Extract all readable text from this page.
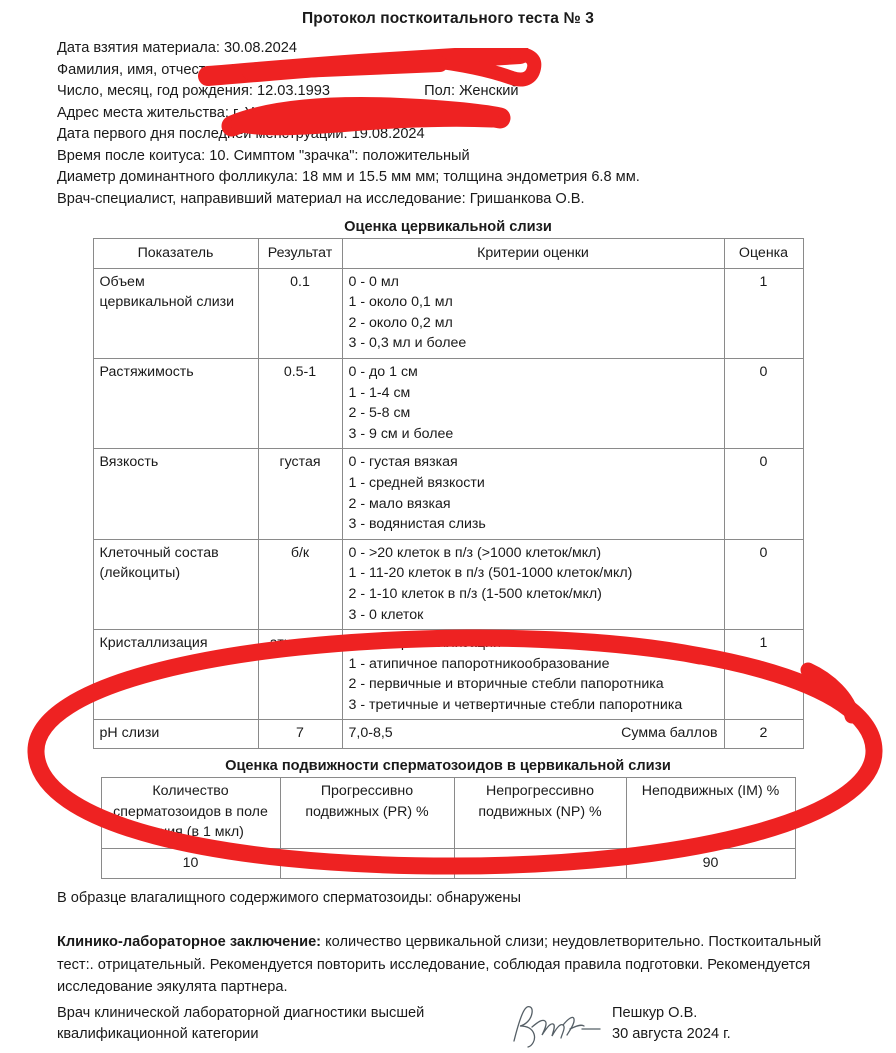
Протокол посткоитального теста № 3
Дата взятия материала: 30.08.2024
Фамилия, имя, отчество: Яку
Число, месяц, год рождения: 12.03.1993	Пол: Женский
Адрес места жительства: г. Ул
Дата первого дня последней менструации: 19.08.2024
Время после коитуса: 10. Симптом "зрачка": положительный
Диаметр доминантного фолликула: 18 мм и 15.5 мм мм; толщина эндометрия 6.8 мм.
Врач-специалист, направивший материал на исследование: Гришанкова О.В.
Оценка цервикальной слизи
Показатель	Результат	Критерии оценки	Оценка

Объем
цервикальной слизи	0.1	0 - 0 мл
1 - около 0,1 мл
2 - около 0,2 мл
3 - 0,3 мл и более	1
Растяжимость	0.5-1	0 - до 1 см
1 - 1-4 см
2 - 5-8 см
3 - 9 см и более	0
Вязкость	густая	0 - густая вязкая
1 - средней вязкости
2 - мало вязкая
3 - водянистая слизь	0

Клеточный состав
(лейкоциты)	б/к	0 - >20 клеток в п/з (>1000 клеток/мкл)
1 - 11-20 клеток в п/з (501-1000 клеток/мкл)
2 - 1-10 клеток в п/з (1-500 клеток/мкл)
3 - 0 клеток	0
Кристаллизация	атипично	0 - нет кристаллизации
1 - атипичное папоротникообразование
2 - первичные и вторичные стебли папоротника
3 - третичные и четвертичные стебли папоротника	1
pH слизи	7	7,0-8,5 Сумма баллов	2
Оценка подвижности сперматозоидов в цервикальной слизи
Количество сперматозоидов в поле зрения (в 1 мкл)	Прогрессивно подвижных (PR) %	Непрогрессивно подвижных (NP) %	Неподвижных (IM) %
10	-	10	90
В образце влагалищного содержимого сперматозоиды: обнаружены
Клинико-лабораторное заключение: количество цервикальной слизи; неудовлетворительно. Посткоитальный тест:. отрицательный. Рекомендуется повторить исследование, соблюдая правила подготовки. Рекомендуется исследование эякулята партнера.
Врач клинической лабораторной диагностики высшей
квалификационной категории
Пешкур О.В.
30 августа 2024 г.
